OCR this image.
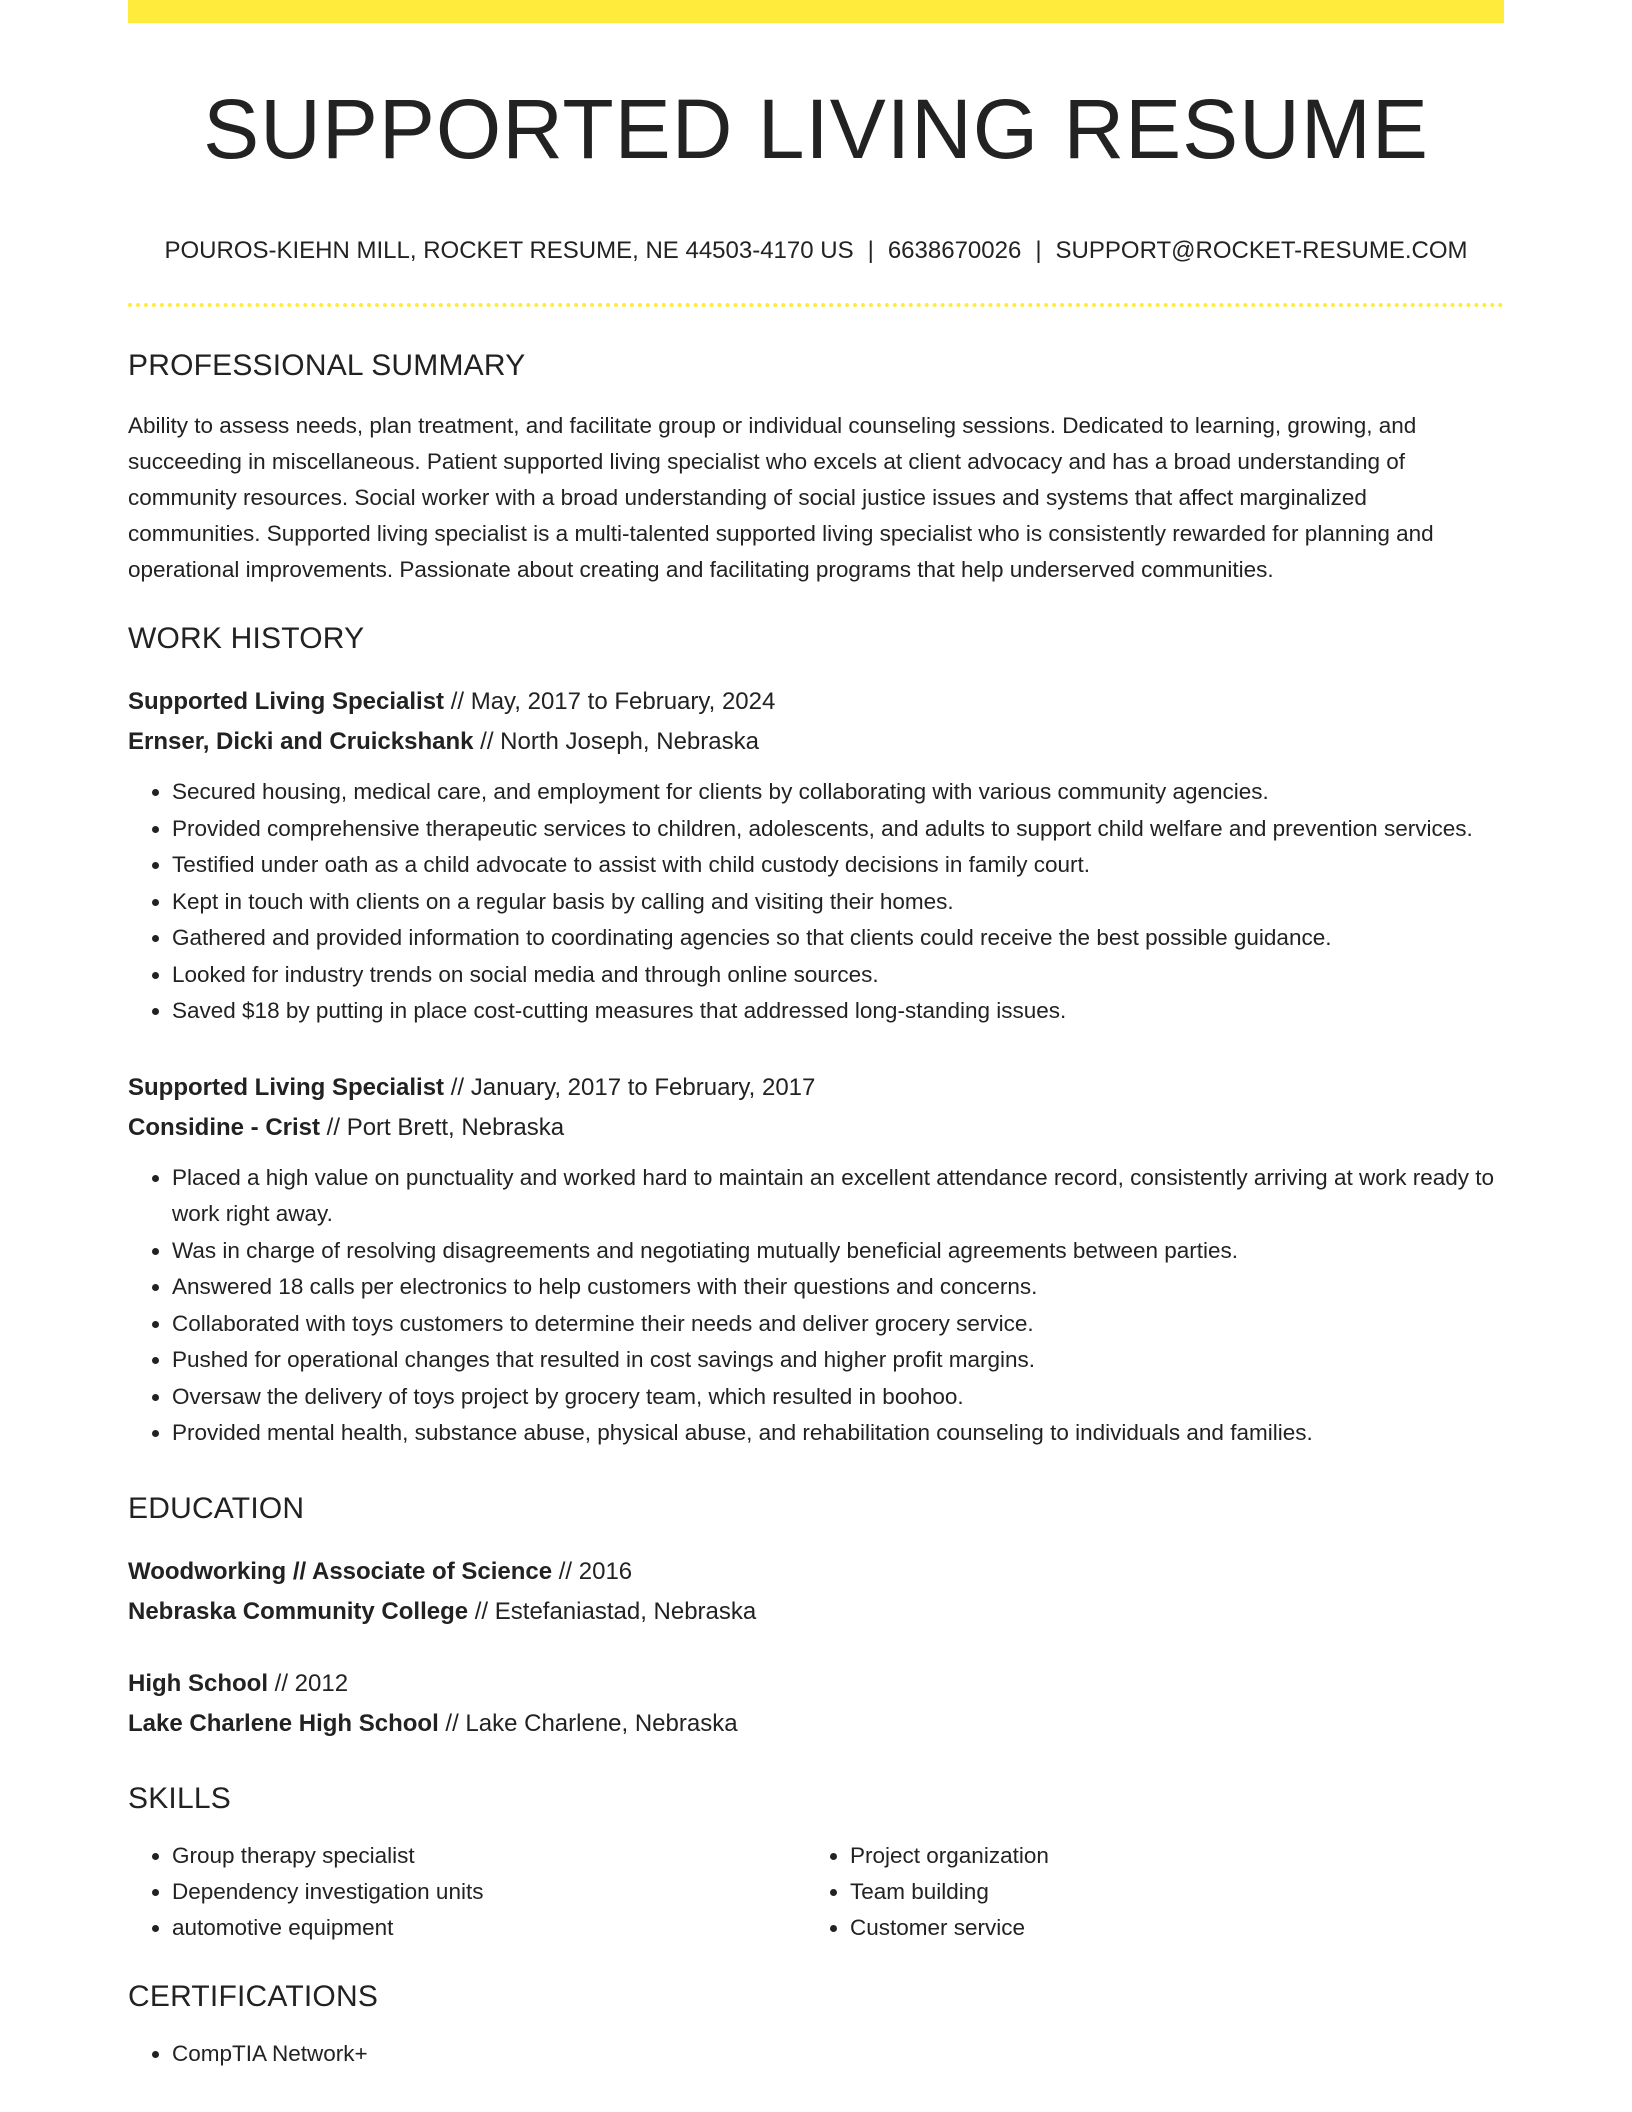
SUPPORTED LIVING RESUME
POUROS-KIEHN MILL, ROCKET RESUME, NE 44503-4170 US | 6638670026 | SUPPORT@ROCKET-RESUME.COM
PROFESSIONAL SUMMARY

Ability to assess needs, plan treatment, and facilitate group or individual counseling sessions. Dedicated to learning, growing, and succeeding in miscellaneous. Patient supported living specialist who excels at client advocacy and has a broad understanding of community resources. Social worker with a broad understanding of social justice issues and systems that affect marginalized communities. Supported living specialist is a multi-talented supported living specialist who is consistently rewarded for planning and operational improvements. Passionate about creating and facilitating programs that help underserved communities.

WORK HISTORY
Supported Living Specialist // May, 2017 to February, 2024
Ernser, Dicki and Cruickshank // North Joseph, Nebraska
• Secured housing, medical care, and employment for clients by collaborating with various community agencies.
• Provided comprehensive therapeutic services to children, adolescents, and adults to support child welfare and prevention services.
• Testified under oath as a child advocate to assist with child custody decisions in family court.
• Kept in touch with clients on a regular basis by calling and visiting their homes.
• Gathered and provided information to coordinating agencies so that clients could receive the best possible guidance.
• Looked for industry trends on social media and through online sources.
• Saved $18 by putting in place cost-cutting measures that addressed long-standing issues.
Supported Living Specialist // January, 2017 to February, 2017
Considine - Crist // Port Brett, Nebraska
• Placed a high value on punctuality and worked hard to maintain an excellent attendance record, consistently arriving at work ready to work right away.
• Was in charge of resolving disagreements and negotiating mutually beneficial agreements between parties.
• Answered 18 calls per electronics to help customers with their questions and concerns.
• Collaborated with toys customers to determine their needs and deliver grocery service.
• Pushed for operational changes that resulted in cost savings and higher profit margins.
• Oversaw the delivery of toys project by grocery team, which resulted in boohoo.
• Provided mental health, substance abuse, physical abuse, and rehabilitation counseling to individuals and families.
EDUCATION
Woodworking // Associate of Science // 2016
Nebraska Community College // Estefaniastad, Nebraska
High School // 2012
Lake Charlene High School // Lake Charlene, Nebraska
SKILLS
• Group therapy specialist
• Dependency investigation units
• automotive equipment
• Project organization
• Team building
• Customer service
CERTIFICATIONS
• CompTIA Network+
